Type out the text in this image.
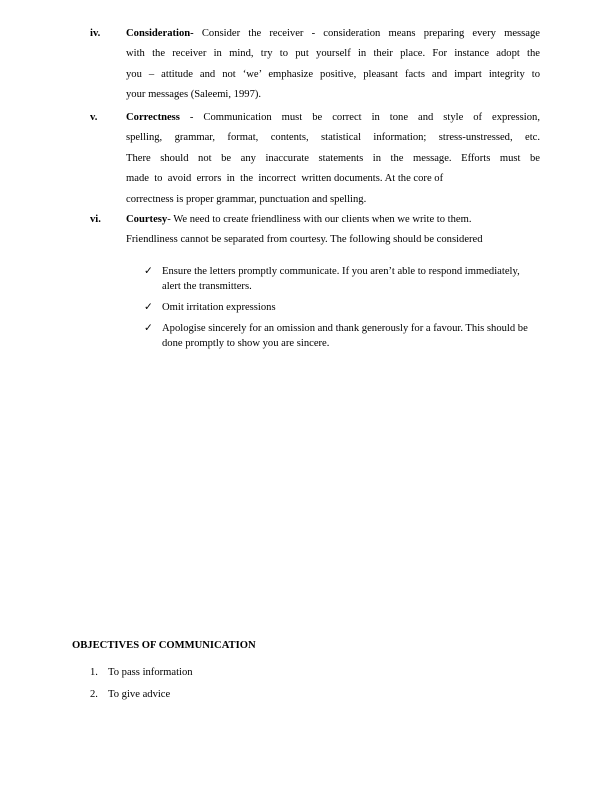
iv. Consideration- Consider the receiver - consideration means preparing every message

with the receiver in mind, try to put yourself in their place. For instance adopt the

you – attitude and not ‘we’ emphasize positive, pleasant facts and impart integrity to

your messages (Saleemi, 1997).

v.	Correctness - Communication must be correct in tone and style of expression,

spelling, grammar, format, contents, statistical information; stress-unstressed, etc.

There should not be any inaccurate statements in the message. Efforts must be

made  to  avoid  errors  in  the  incorrect  written documents. At the core of

correctness is proper grammar, punctuation and spelling.

vi. Courtesy- We need to create friendliness with our clients when we write to them.

Friendliness cannot be separated from courtesy. The following should be considered

✓ Ensure the letters promptly communicate. If you aren’t able to respond immediately, alert the transmitters.
✓ Omit irritation expressions
✓ Apologise sincerely for an omission and thank generously for a favour. This should be done promptly to show you are sincere.
OBJECTIVES OF COMMUNICATION
1. To pass information
2. To give advice
